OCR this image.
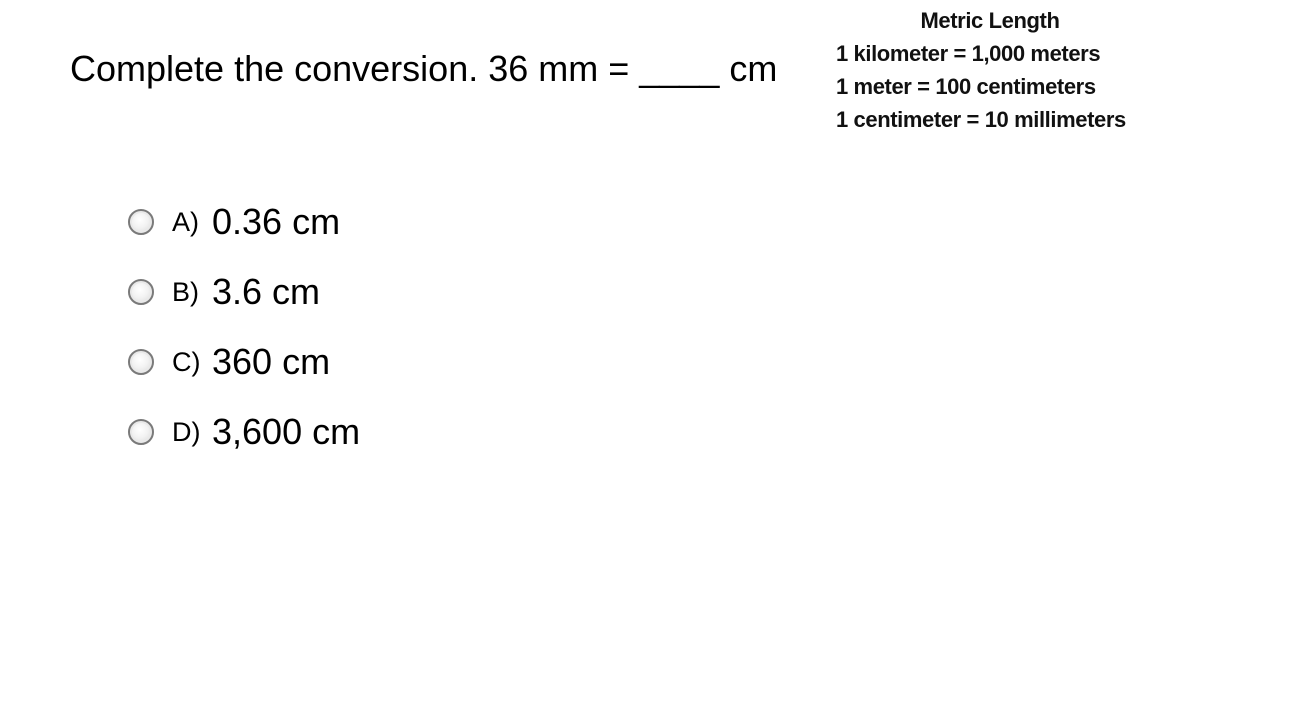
Complete the conversion. 36 mm = ____ cm
Metric Length
1 kilometer = 1,000 meters
1 meter = 100 centimeters
1 centimeter = 10 millimeters
A) 0.36 cm
B) 3.6 cm
C) 360 cm
D) 3,600 cm
